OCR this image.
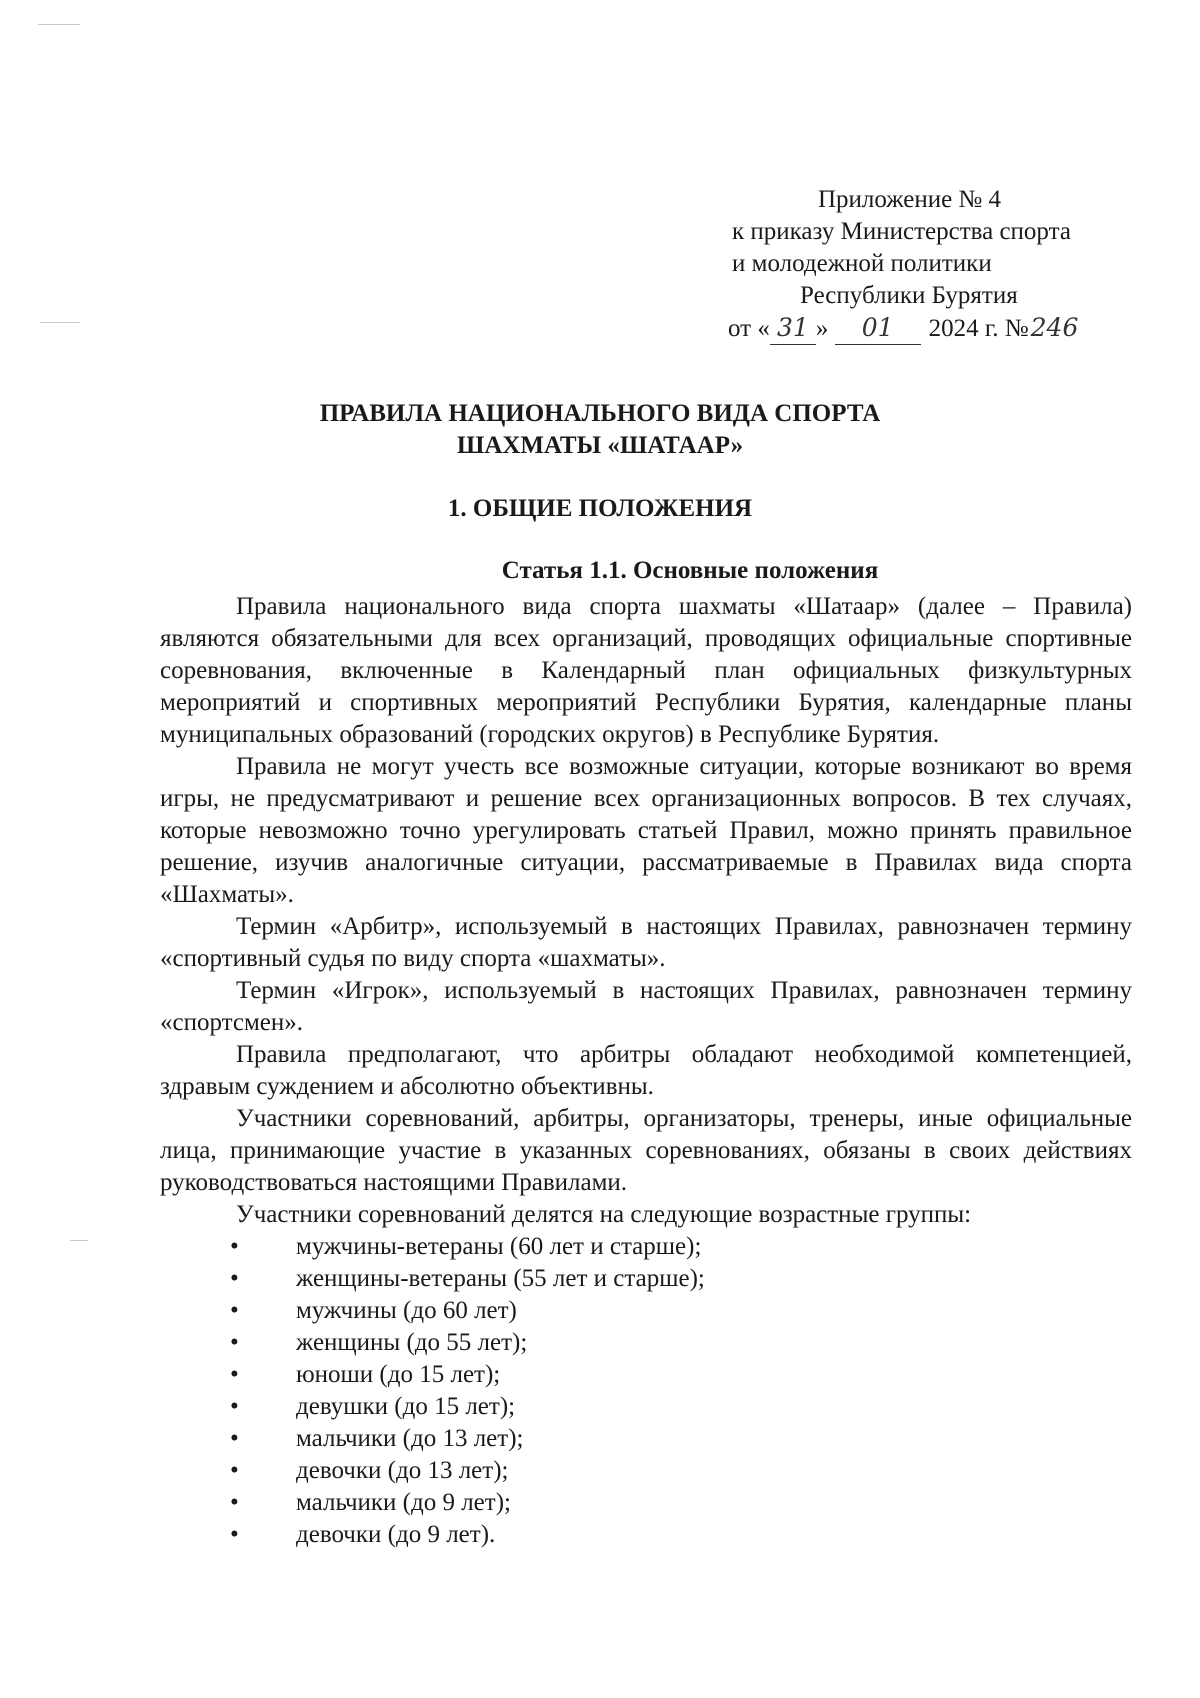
Приложение № 4
к приказу Министерства спорта
и молодежной политики
Республики Бурятия
от « 31 » 01 2024 г. №246
ПРАВИЛА НАЦИОНАЛЬНОГО ВИДА СПОРТА
ШАХМАТЫ «ШАТААР»
1. ОБЩИЕ ПОЛОЖЕНИЯ
Статья 1.1. Основные положения

Правила национального вида спорта шахматы «Шатаар» (далее – Правила) являются обязательными для всех организаций, проводящих официальные спортивные соревнования, включенные в Календарный план официальных физкультурных мероприятий и спортивных мероприятий Республики Бурятия, календарные планы муниципальных образований (городских округов) в Республике Бурятия.

Правила не могут учесть все возможные ситуации, которые возникают во время игры, не предусматривают и решение всех организационных вопросов. В тех случаях, которые невозможно точно урегулировать статьей Правил, можно принять правильное решение, изучив аналогичные ситуации, рассматриваемые в Правилах вида спорта «Шахматы».

Термин «Арбитр», используемый в настоящих Правилах, равнозначен термину «спортивный судья по виду спорта «шахматы».

Термин «Игрок», используемый в настоящих Правилах, равнозначен термину «спортсмен».

Правила предполагают, что арбитры обладают необходимой компетенцией, здравым суждением и абсолютно объективны.

Участники соревнований, арбитры, организаторы, тренеры, иные официальные лица, принимающие участие в указанных соревнованиях, обязаны в своих действиях руководствоваться настоящими Правилами.

Участники соревнований делятся на следующие возрастные группы:

• мужчины-ветераны (60 лет и старше);
• женщины-ветераны (55 лет и старше);
• мужчины (до 60 лет)
• женщины (до 55 лет);
• юноши (до 15 лет);
• девушки (до 15 лет);
• мальчики (до 13 лет);
• девочки (до 13 лет);
• мальчики (до 9 лет);
• девочки (до 9 лет).
